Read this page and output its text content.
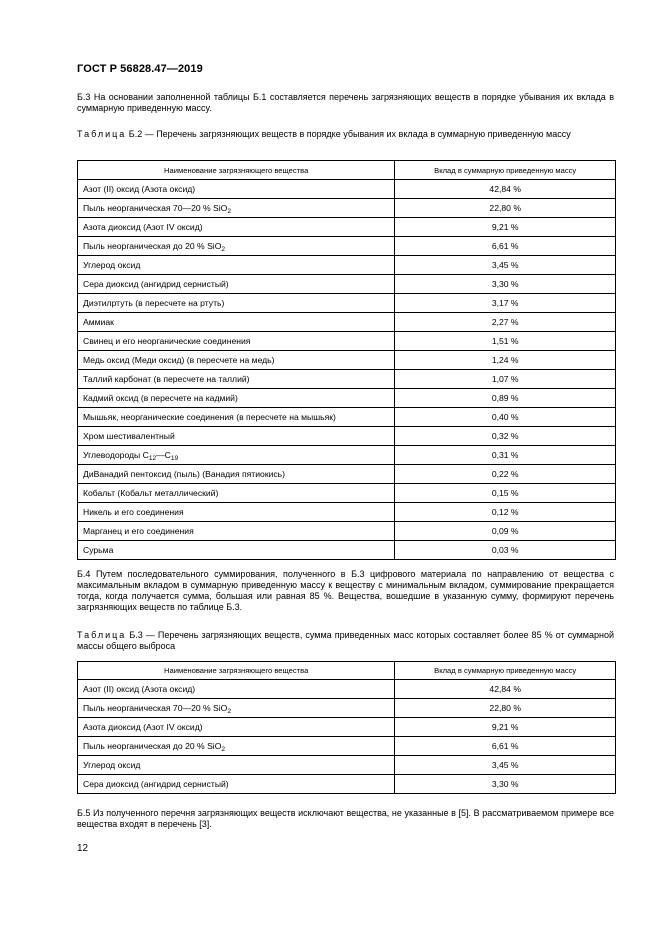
ГОСТ Р 56828.47—2019
Б.3 На основании заполненной таблицы Б.1 составляется перечень загрязняющих веществ в порядке убывания их вклада в суммарную приведенную массу.
Таблица Б.2 — Перечень загрязняющих веществ в порядке убывания их вклада в суммарную приведенную массу
Наименование загрязняющего вещества	Вклад в суммарную приведенную массу
Азот (II) оксид (Азота оксид)	42,84 %
Пыль неорганическая 70—20 % SiO$_2$	22,80 %
Азота диоксид (Азот IV оксид)	9,21 %
Пыль неорганическая до 20 % SiO$_2$	6,61 %
Углерод оксид	3,45 %
Сера диоксид (ангидрид сернистый)	3,30 %
Диэтилртуть (в пересчете на ртуть)	3,17 %
Аммиак	2,27 %
Свинец и его неорганические соединения	1,51 %
Медь оксид (Меди оксид) (в пересчете на медь)	1,24 %
Таллий карбонат (в пересчете на таллий)	1,07 %
Кадмий оксид (в пересчете на кадмий)	0,89 %
Мышьяк, неорганические соединения (в пересчете на мышьяк)	0,40 %
Хром шестивалентный	0,32 %
Углеводороды $C_{12}—C_{19}$	0,31 %
ДиВанадий пентоксид (пыль) (Ванадия пятиокись)	0,22 %
Кобальт (Кобальт металлический)	0,15 %
Никель и его соединения	0,12 %
Марганец и его соединения	0,09 %
Сурьма	0,03 %
Б.4 Путем последовательного суммирования, полученного в Б.3 цифрового материала по направлению от вещества с максимальным вкладом в суммарную приведенную массу к веществу с минимальным вкладом, суммирование прекращается тогда, когда получается сумма, большая или равная 85 %. Вещества, вошедшие в указанную сумму, формируют перечень загрязняющих веществ по таблице Б.3.
Таблица Б.3 — Перечень загрязняющих веществ, сумма приведенных масс которых составляет более 85 % от суммарной массы общего выброса
Наименование загрязняющего вещества	Вклад в суммарную приведенную массу
Азот (II) оксид (Азота оксид)	42,84 %
Пыль неорганическая 70—20 % SiO$_2$	22,80 %
Азота диоксид (Азот IV оксид)	9,21 %
Пыль неорганическая до 20 % SiO$_2$	6,61 %
Углерод оксид	3,45 %
Сера диоксид (ангидрид сернистый)	3,30 %
Б.5 Из полученного перечня загрязняющих веществ исключают вещества, не указанные в [5]. В рассматриваемом примере все вещества входят в перечень [3].
12
